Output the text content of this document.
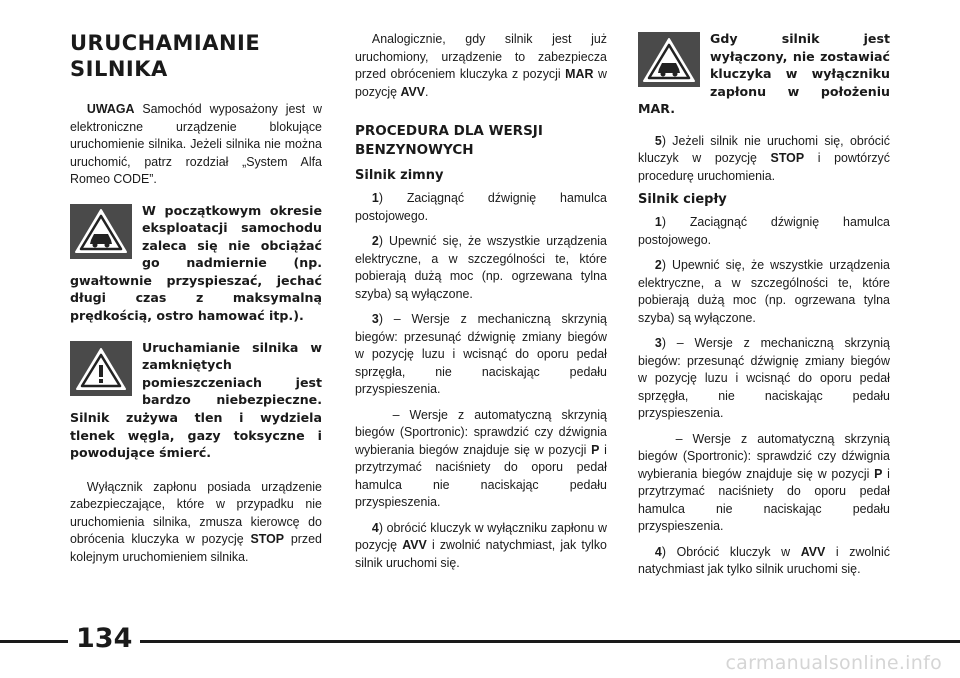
URUCHAMIANIE
SILNIKA

UWAGA Samochód wyposażony jest w elektroniczne urządzenie blokujące uruchomienie silnika. Jeżeli silnika nie można uruchomić, patrz rozdział „System Alfa Romeo CODE”.

W początkowym okresie eksploatacji samochodu zaleca się nie obciążać go nadmiernie (np. gwałtownie przyspieszać, jechać długi czas z maksymalną prędkością, ostro hamować itp.).
Uruchamianie silnika w zamkniętych pomieszczeniach jest bardzo niebezpieczne. Silnik zużywa tlen i wydziela tlenek węgla, gazy toksyczne i powodujące śmierć.

Wyłącznik zapłonu posiada urządzenie zabezpieczające, które w przypadku nie uruchomienia silnika, zmusza kierowcę do obrócenia kluczyka w pozycję STOP przed kolejnym uruchomieniem silnika.

Analogicznie, gdy silnik jest już uruchomiony, urządzenie to zabezpiecza przed obróceniem kluczyka z pozycji MAR w pozycję AVV.

PROCEDURA DLA WERSJI
BENZYNOWYCH
Silnik zimny

1) Zaciągnąć dźwignię hamulca postojowego.

2) Upewnić się, że wszystkie urządzenia elektryczne, a w szczególności te, które pobierają dużą moc (np. ogrzewana tylna szyba) są wyłączone.

3) – Wersje z mechaniczną skrzynią biegów: przesunąć dźwignię zmiany biegów w pozycję luzu i wcisnąć do oporu pedał sprzęgła, nie naciskając pedału przyspieszenia.

– Wersje z automatyczną skrzynią biegów (Sportronic): sprawdzić czy dźwignia wybierania biegów znajduje się w pozycji P i przytrzymać naciśniety do oporu pedał hamulca nie naciskając pedału przyspieszenia.

4) obrócić kluczyk w wyłączniku zapłonu w pozycję AVV i zwolnić natychmiast, jak tylko silnik uruchomi się.

Gdy silnik jest wyłączony, nie zostawiać kluczyka w wyłączniku zapłonu w położeniu MAR.

5) Jeżeli silnik nie uruchomi się, obrócić kluczyk w pozycję STOP i powtórzyć procedurę uruchomienia.

Silnik ciepły

1) Zaciągnąć dźwignię hamulca postojowego.

2) Upewnić się, że wszystkie urządzenia elektryczne, a w szczególności te, które pobierają dużą moc (np. ogrzewana tylna szyba) są wyłączone.

3) – Wersje z mechaniczną skrzynią biegów: przesunąć dźwignię zmiany biegów w pozycję luzu i wcisnąć do oporu pedał sprzęgła, nie naciskając pedału przyspieszenia.

– Wersje z automatyczną skrzynią biegów (Sportronic): sprawdzić czy dźwignia wybierania biegów znajduje się w pozycji P i przytrzymać naciśniety do oporu pedał hamulca nie naciskając pedału przyspieszenia.

4) Obrócić kluczyk w AVV i zwolnić natychmiast jak tylko silnik uruchomi się.

134
carmanualsonline.info
